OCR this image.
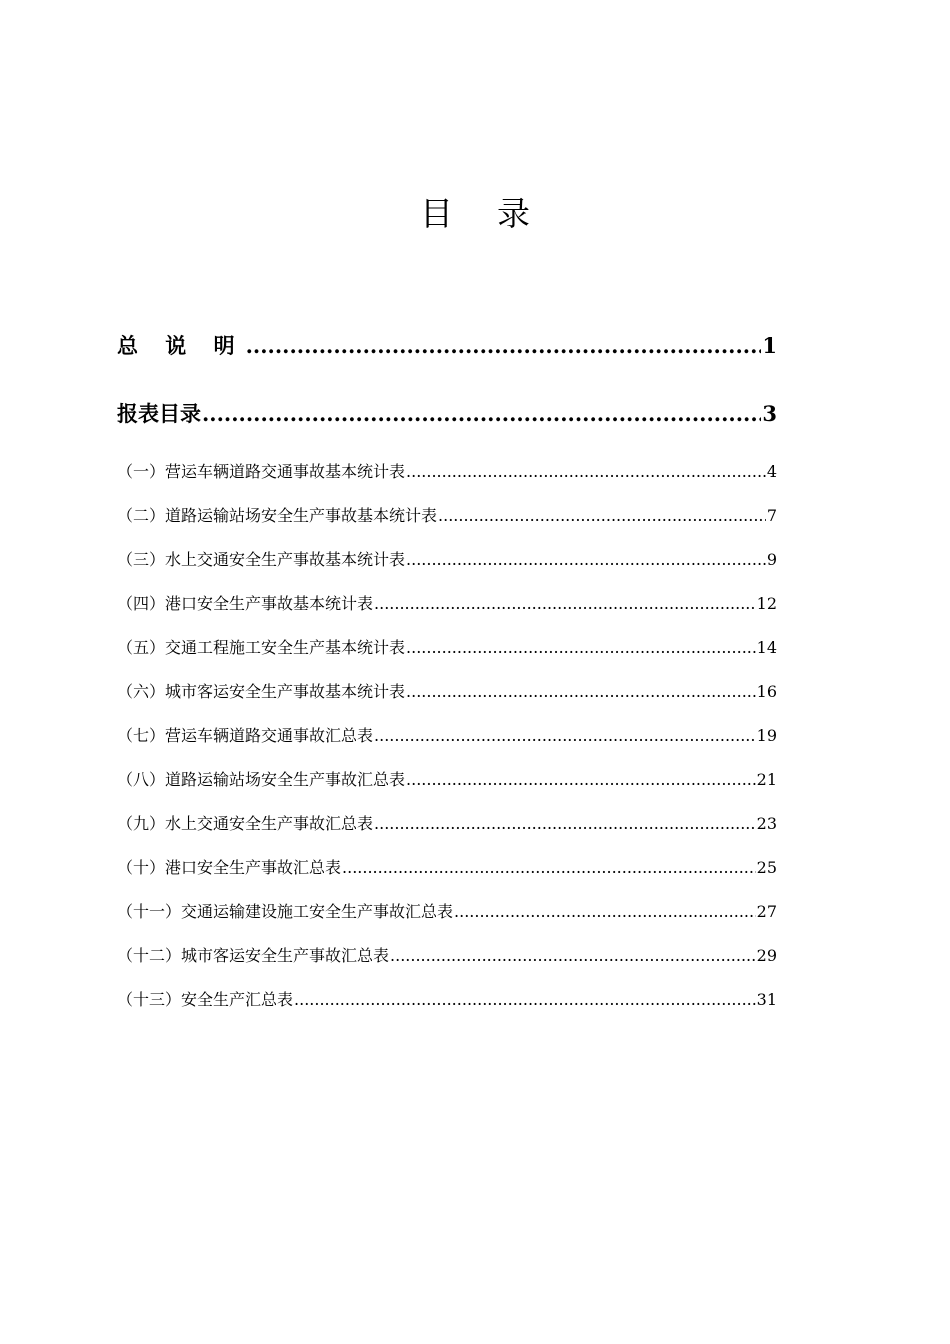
目 录
总 说 明 .....	1
报表目录 .....	3
（一）营运车辆道路交通事故基本统计表 .....	4
（二）道路运输站场安全生产事故基本统计表 .....	7
（三）水上交通安全生产事故基本统计表 .....	9
（四）港口安全生产事故基本统计表 .....	12
（五）交通工程施工安全生产基本统计表 .....	14
（六）城市客运安全生产事故基本统计表 .....	16
（七）营运车辆道路交通事故汇总表 .....	19
（八）道路运输站场安全生产事故汇总表 .....	21
（九）水上交通安全生产事故汇总表 .....	23
（十）港口安全生产事故汇总表 .....	25
（十一）交通运输建设施工安全生产事故汇总表 .....	27
（十二）城市客运安全生产事故汇总表 .....	29
（十三）安全生产汇总表 .....	31
